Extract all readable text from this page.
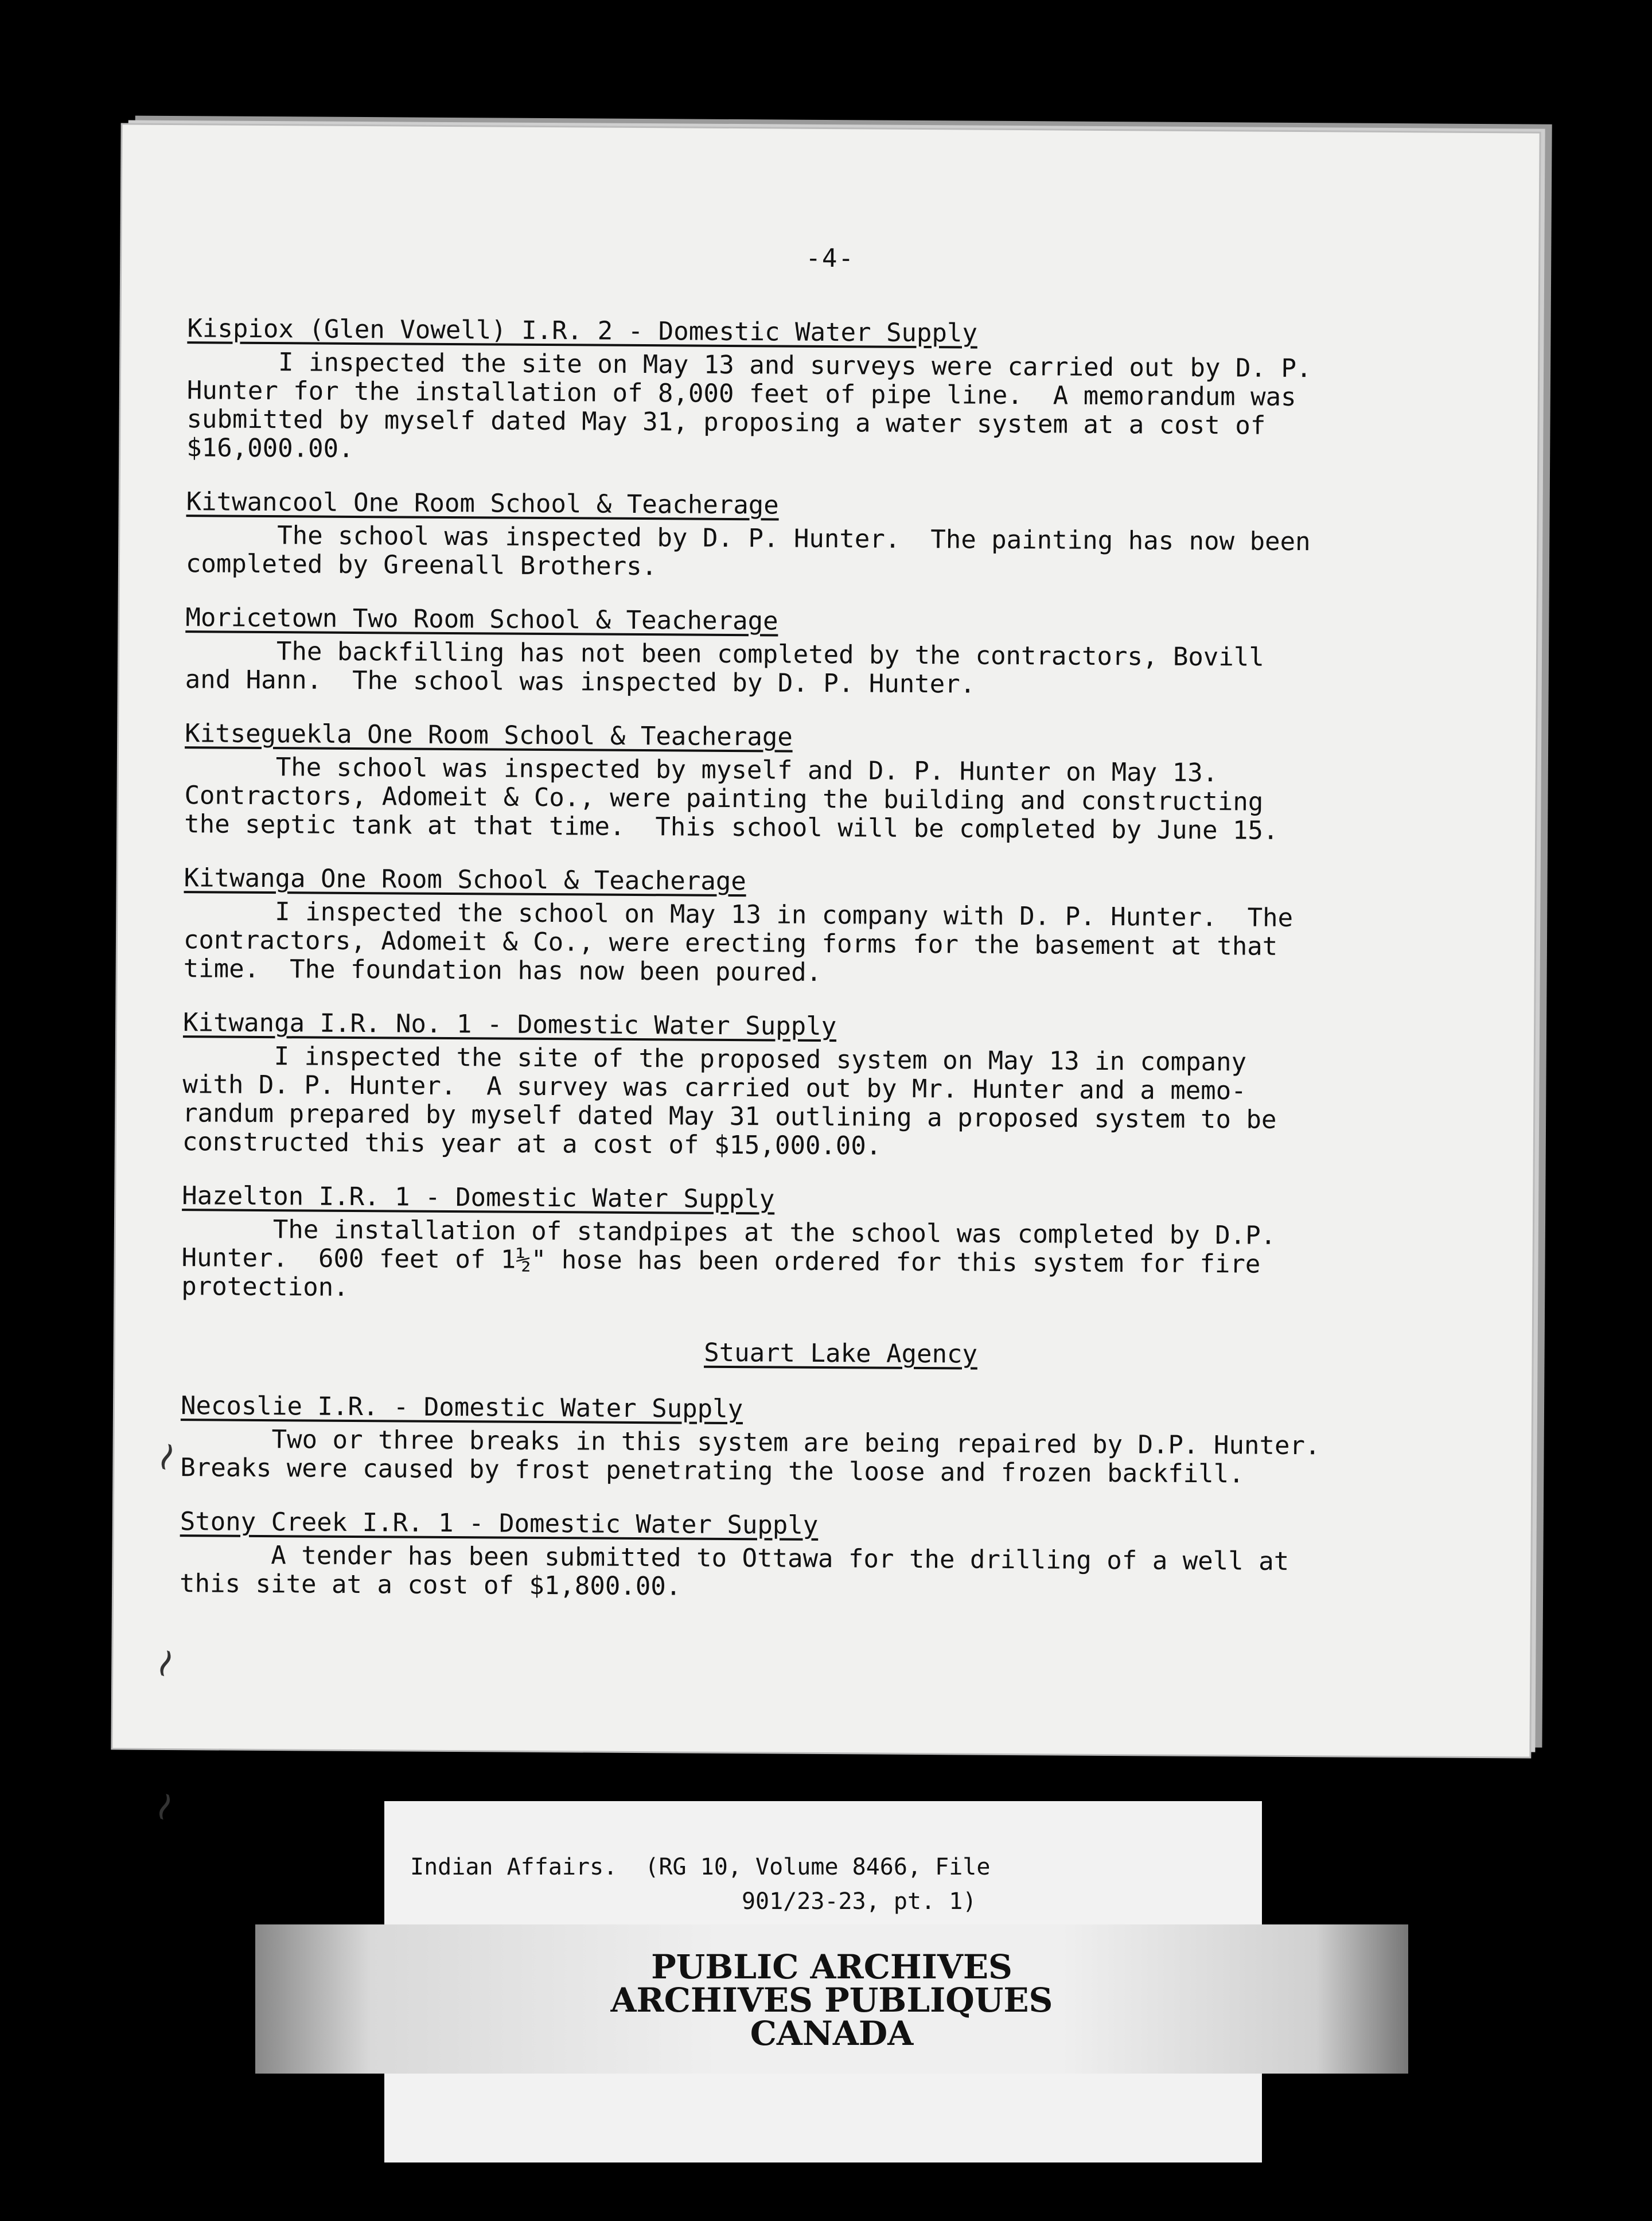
-4-
Kispiox (Glen Vowell) I.R. 2 - Domestic Water Supply
I inspected the site on May 13 and surveys were carried out by D. P.
Hunter for the installation of 8,000 feet of pipe line.  A memorandum was
submitted by myself dated May 31, proposing a water system at a cost of
$16,000.00.
Kitwancool One Room School & Teacherage
The school was inspected by D. P. Hunter.  The painting has now been
completed by Greenall Brothers.
Moricetown Two Room School & Teacherage
The backfilling has not been completed by the contractors, Bovill
and Hann.  The school was inspected by D. P. Hunter.
Kitseguekla One Room School & Teacherage
The school was inspected by myself and D. P. Hunter on May 13.
Contractors, Adomeit & Co., were painting the building and constructing
the septic tank at that time.  This school will be completed by June 15.
Kitwanga One Room School & Teacherage
I inspected the school on May 13 in company with D. P. Hunter.  The
contractors, Adomeit & Co., were erecting forms for the basement at that
time.  The foundation has now been poured.
Kitwanga I.R. No. 1 - Domestic Water Supply
I inspected the site of the proposed system on May 13 in company
with D. P. Hunter.  A survey was carried out by Mr. Hunter and a memo-
randum prepared by myself dated May 31 outlining a proposed system to be
constructed this year at a cost of $15,000.00.
Hazelton I.R. 1 - Domestic Water Supply
The installation of standpipes at the school was completed by D.P.
Hunter.  600 feet of 1½" hose has been ordered for this system for fire
protection.
Stuart Lake Agency
Necoslie I.R. - Domestic Water Supply
Two or three breaks in this system are being repaired by D.P. Hunter.
Breaks were caused by frost penetrating the loose and frozen backfill.
Stony Creek I.R. 1 - Domestic Water Supply
A tender has been submitted to Ottawa for the drilling of a well at
this site at a cost of $1,800.00.
~
~
~
Indian Affairs.  (RG 10, Volume 8466, File
901/23-23, pt. 1)
PUBLIC ARCHIVES
ARCHIVES PUBLIQUES
CANADA
